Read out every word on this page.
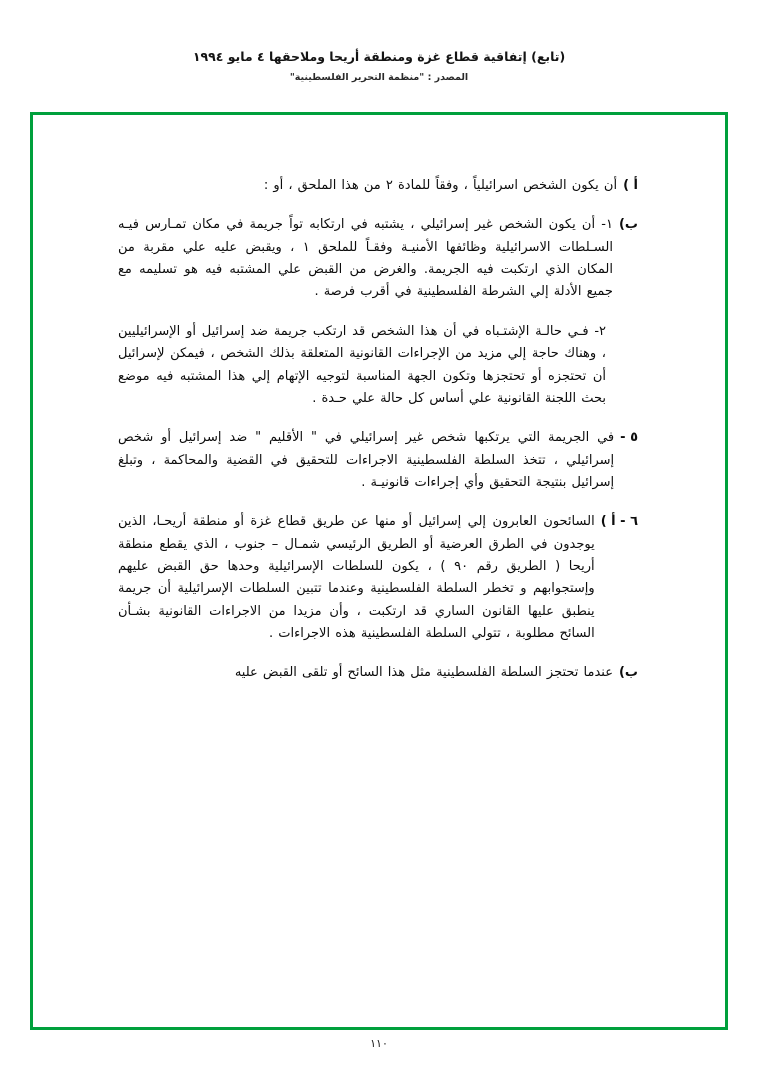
(تابع) إتفاقية قطاع غزة ومنطقة أريحا وملاحقها ٤ مايو ١٩٩٤
المصدر : "منظمة التحرير الفلسطينية"
أ )
أن يكون الشخص اسرائيلياً ، وفقاً للمادة ٢ من هذا الملحق ، أو :
ب)
١- أن يكون الشخص غير إسرائيلي ، يشتبه في ارتكابه تواً جريمة في مكان تمـارس فيـه السـلطات الاسرائيلية وظائفها الأمنيـة وفقـاً للملحق ١ ، ويقبض عليه علي مقربة من المكان الذي ارتكبت فيه الجريمة. والغرض من القبض علي المشتبه فيه هو تسليمه مع جميع الأدلة إلي الشرطة الفلسطينية في أقرب فرصة .
٢- فـي حالـة الإشتـباه في أن هذا الشخص قد ارتكب جريمة ضد إسرائيل أو الإسرائيليين ، وهناك حاجة إلي مزيد من الإجراءات القانونية المتعلقة بذلك الشخص ، فيمكن لإسرائيل أن تحتجزه أو تحتجزها وتكون الجهة المناسبة لتوجيه الإتهام إلي هذا المشتبه فيه موضع بحث اللجنة القانونية علي أساس كل حالة علي حـدة .
٥ -
في الجريمة التي يرتكبها شخص غير إسرائيلي في " الأقليم " ضد إسرائيل أو شخص إسرائيلي ، تتخذ السلطة الفلسطينية الاجراءات للتحقيق في القضية والمحاكمة ، وتبلغ إسرائيل بنتيجة التحقيق وأي إجراءات قانونيـة .
٦ - أ )
السائحون العابرون إلي إسرائيل أو منها عن طريق قطاع غزة أو منطقة أريحـا، الذين يوجدون في الطرق العرضية أو الطريق الرئيسي شمـال – جنوب ، الذي يقطع منطقة أريحا ( الطريق رقم ٩٠ ) ، يكون للسلطات الإسرائيلية وحدها حق القبض عليهم وإستجوابهم و تخطر السلطة الفلسطينية وعندما تتبين السلطات الإسرائيلية أن جريمة ينطبق عليها القانون الساري قد ارتكبت ، وأن مزيدا من الاجراءات القانونية بشـأن السائح مطلوبة ، تتولي السلطة الفلسطينية هذه الاجراءات .
ب)
عندما تحتجز السلطة الفلسطينية مثل هذا السائح أو تلقى القبض عليه
١١٠
